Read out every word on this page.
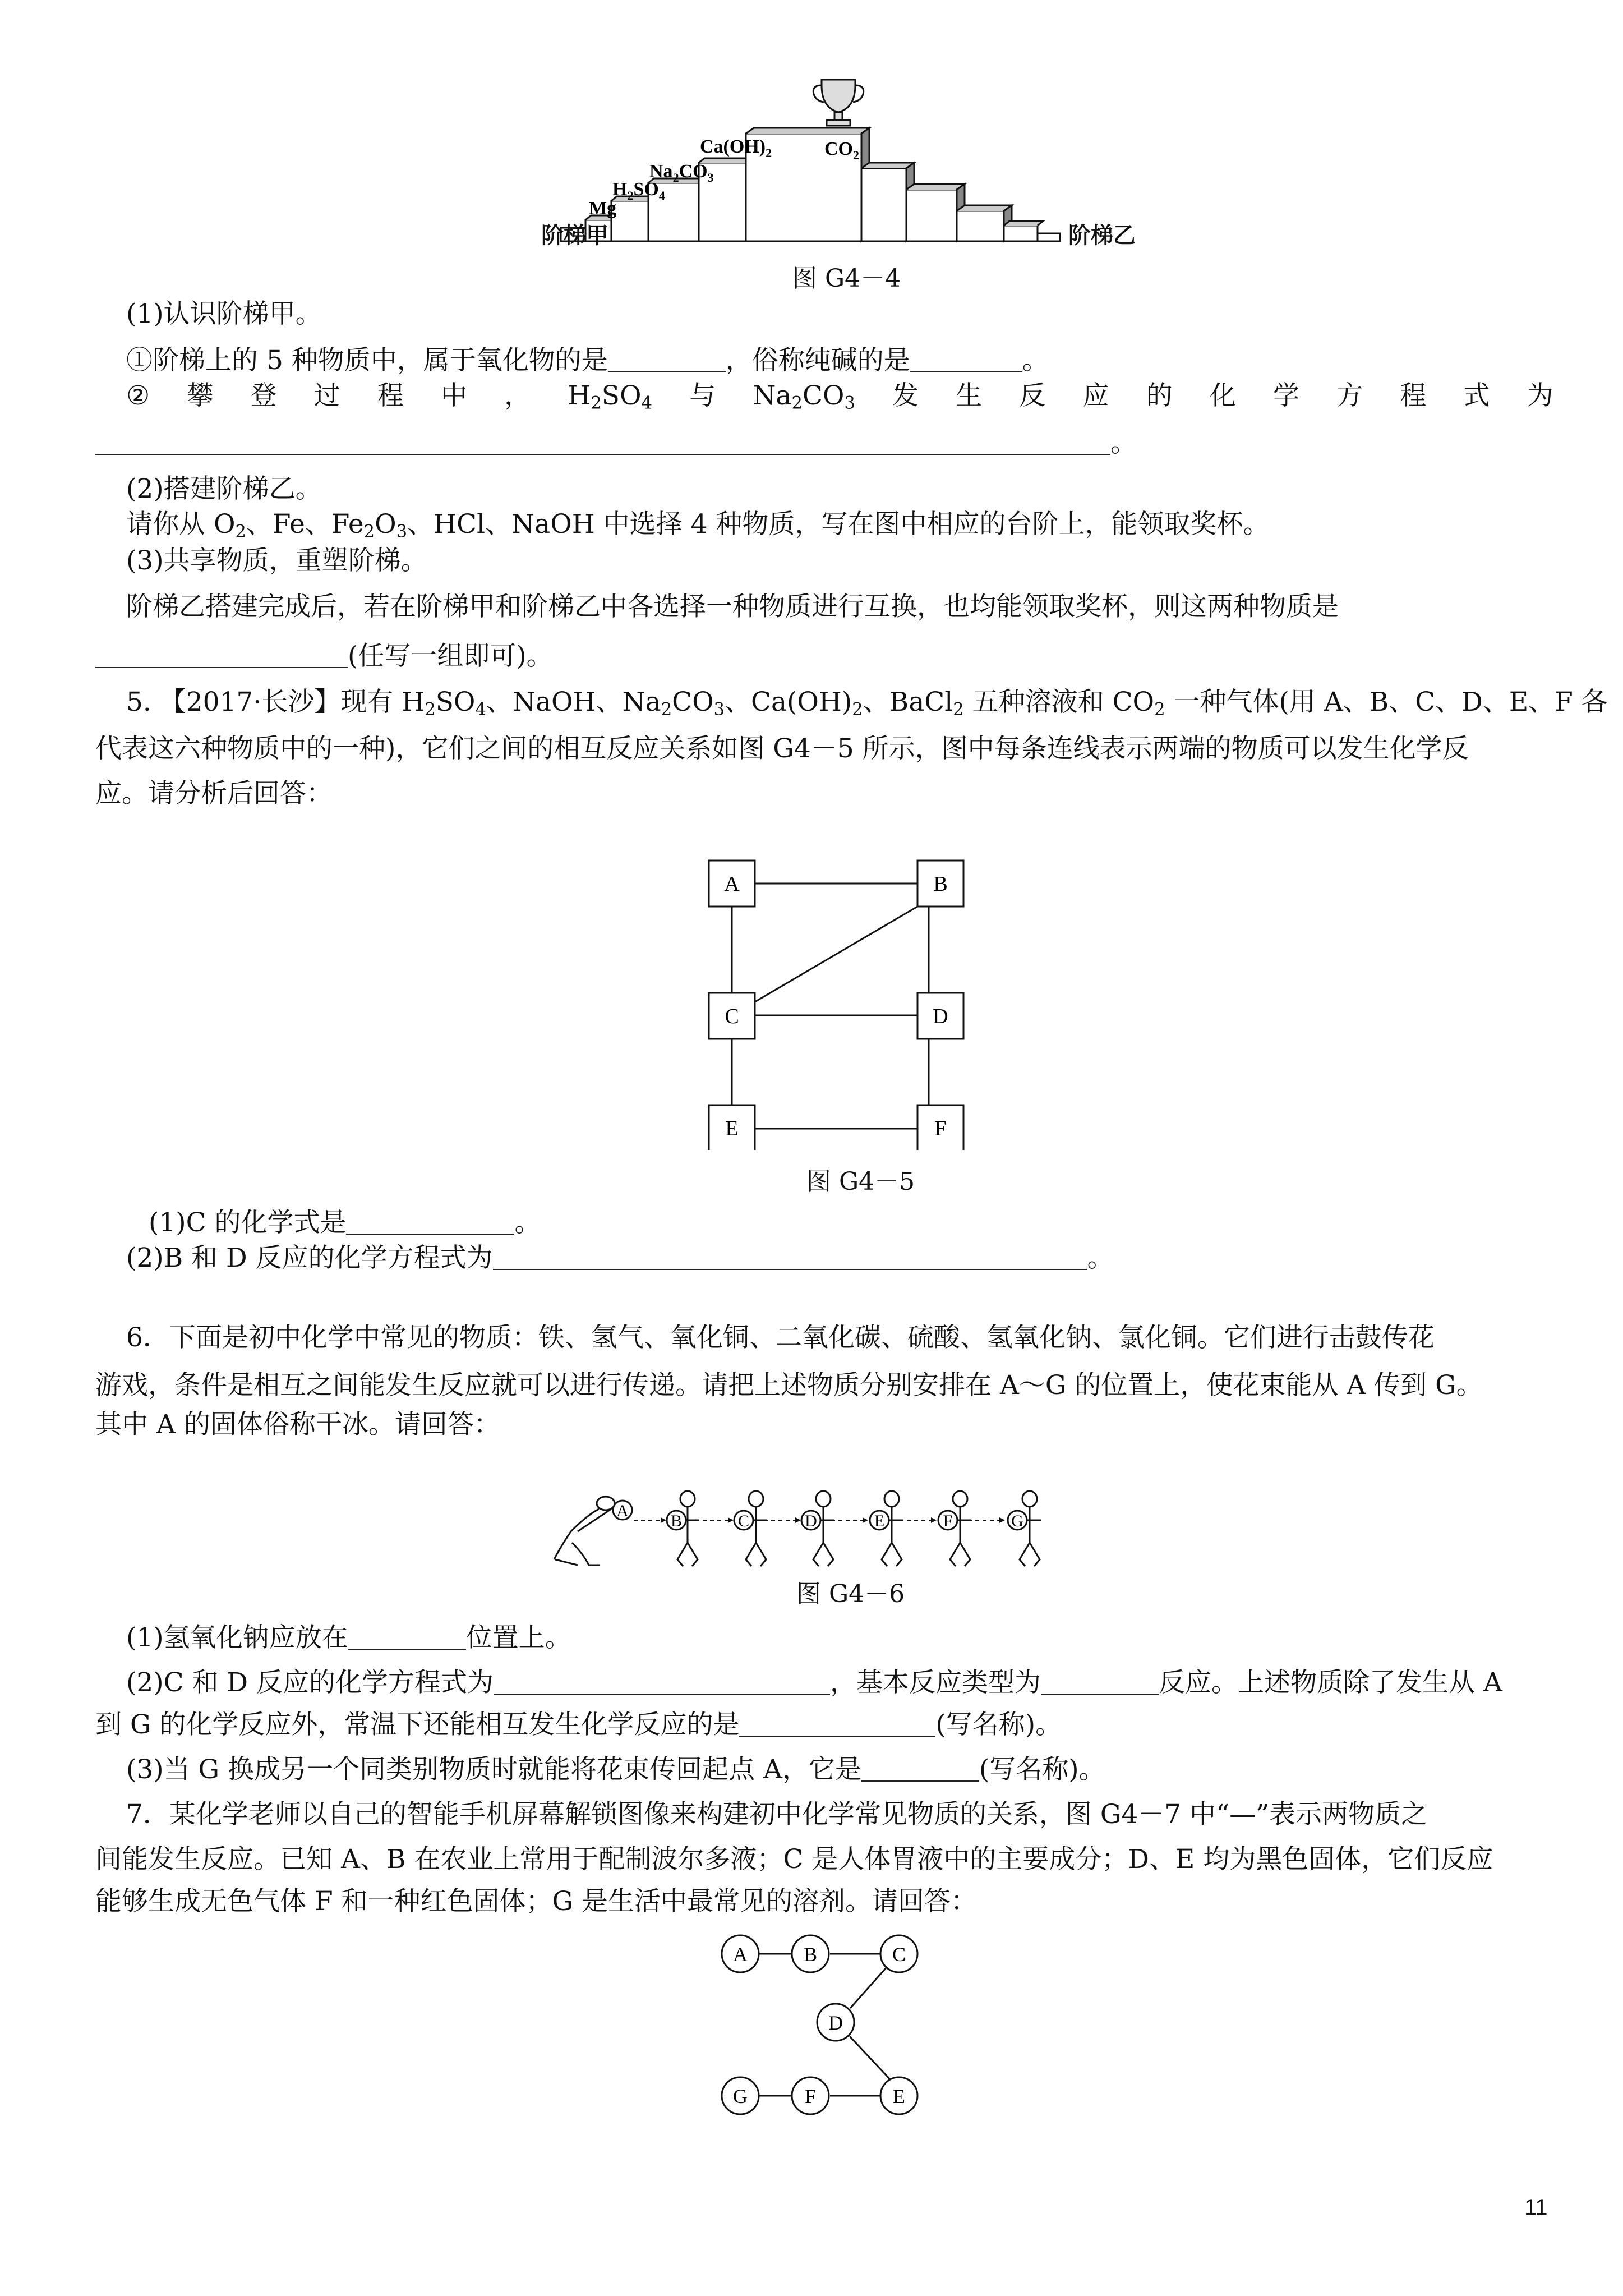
Mg
$H_2SO_4$
$Na_2CO_3$
$Ca(OH)_2$	$CO_2$
阶梯甲	阶梯乙
图 G4－4
(1)认识阶梯甲。
①阶梯上的 5 种物质中，属于氧化物的是	，俗称纯碱的是	。
② 攀 登 过 程 中 ， $H_2SO_4$ 与 $Na_2CO_3$ 发 生 反 应 的 化 学 方 程 式 为
。
(2)搭建阶梯乙。
请你从 $O_2$、Fe、$Fe_2O_3$、HCl、NaOH 中选择 4 种物质，写在图中相应的台阶上，能领取奖杯。
(3)共享物质，重塑阶梯。
阶梯乙搭建完成后，若在阶梯甲和阶梯乙中各选择一种物质进行互换，也均能领取奖杯，则这两种物质是
(任写一组即可)。
5. 【2017·长沙】现有 $H_2SO_4$、NaOH、$Na_2CO_3$、$Ca(OH)_2$、BaCl$_2$ 五种溶液和 $CO_2$ 一种气体(用 A、B、C、D、E、F 各
代表这六种物质中的一种)，它们之间的相互反应关系如图 G4－5 所示，图中每条连线表示两端的物质可以发生化学反
应。请分析后回答：
A	B
C	D
E	F
图 G4－5
(1)C 的化学式是	。
(2)B 和 D 反应的化学方程式为	。
6．下面是初中化学中常见的物质：铁、氢气、氧化铜、二氧化碳、硫酸、氢氧化钠、氯化铜。它们进行击鼓传花
游戏，条件是相互之间能发生反应就可以进行传递。请把上述物质分别安排在 A～G 的位置上，使花束能从 A 传到 G。
其中 A 的固体俗称干冰。请回答：
A
B	C	D	E	F	G
图 G4－6
(1)氢氧化钠应放在	位置上。
(2)C 和 D 反应的化学方程式为	，基本反应类型为	反应。上述物质除了发生从 A
到 G 的化学反应外，常温下还能相互发生化学反应的是	(写名称)。
(3)当 G 换成另一个同类别物质时就能将花束传回起点 A，它是	(写名称)。
7．某化学老师以自己的智能手机屏幕解锁图像来构建初中化学常见物质的关系，图 G4－7 中“—”表示两物质之
间能发生反应。已知 A、B 在农业上常用于配制波尔多液；C 是人体胃液中的主要成分；D、E 均为黑色固体，它们反应
能够生成无色气体 F 和一种红色固体；G 是生活中最常见的溶剂。请回答：
A	B	C
D
G	F	E
11
